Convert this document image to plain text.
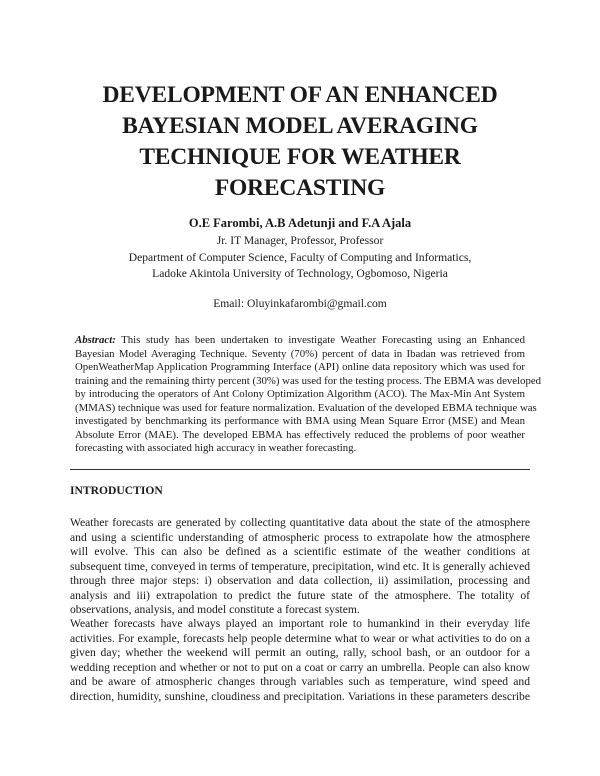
DEVELOPMENT OF AN ENHANCED
BAYESIAN MODEL AVERAGING
TECHNIQUE FOR WEATHER
FORECASTING
O.E Farombi, A.B Adetunji and F.A Ajala
Jr. IT Manager, Professor, Professor
Department of Computer Science, Faculty of Computing and Informatics,
Ladoke Akintola University of Technology, Ogbomoso, Nigeria
Email: Oluyinkafarombi@gmail.com
Abstract: This study has been undertaken to investigate Weather Forecasting using an Enhanced
Bayesian Model Averaging Technique. Seventy (70%) percent of data in Ibadan was retrieved from
OpenWeatherMap Application Programming Interface (API) online data repository which was used for
training and the remaining thirty percent (30%) was used for the testing process. The EBMA was developed
by introducing the operators of Ant Colony Optimization Algorithm (ACO). The Max-Min Ant System
(MMAS) technique was used for feature normalization. Evaluation of the developed EBMA technique was
investigated by benchmarking its performance with BMA using Mean Square Error (MSE) and Mean
Absolute Error (MAE). The developed EBMA has effectively reduced the problems of poor weather
forecasting with associated high accuracy in weather forecasting.
INTRODUCTION
Weather forecasts are generated by collecting quantitative data about the state of the atmosphere
and using a scientific understanding of atmospheric process to extrapolate how the atmosphere
will evolve. This can also be defined as a scientific estimate of the weather conditions at
subsequent time, conveyed in terms of temperature, precipitation, wind etc. It is generally achieved
through three major steps: i) observation and data collection, ii) assimilation, processing and
analysis and iii) extrapolation to predict the future state of the atmosphere. The totality of
observations, analysis, and model constitute a forecast system.
Weather forecasts have always played an important role to humankind in their everyday life
activities. For example, forecasts help people determine what to wear or what activities to do on a
given day; whether the weekend will permit an outing, rally, school bash, or an outdoor for a
wedding reception and whether or not to put on a coat or carry an umbrella. People can also know
and be aware of atmospheric changes through variables such as temperature, wind speed and
direction, humidity, sunshine, cloudiness and precipitation. Variations in these parameters describe
